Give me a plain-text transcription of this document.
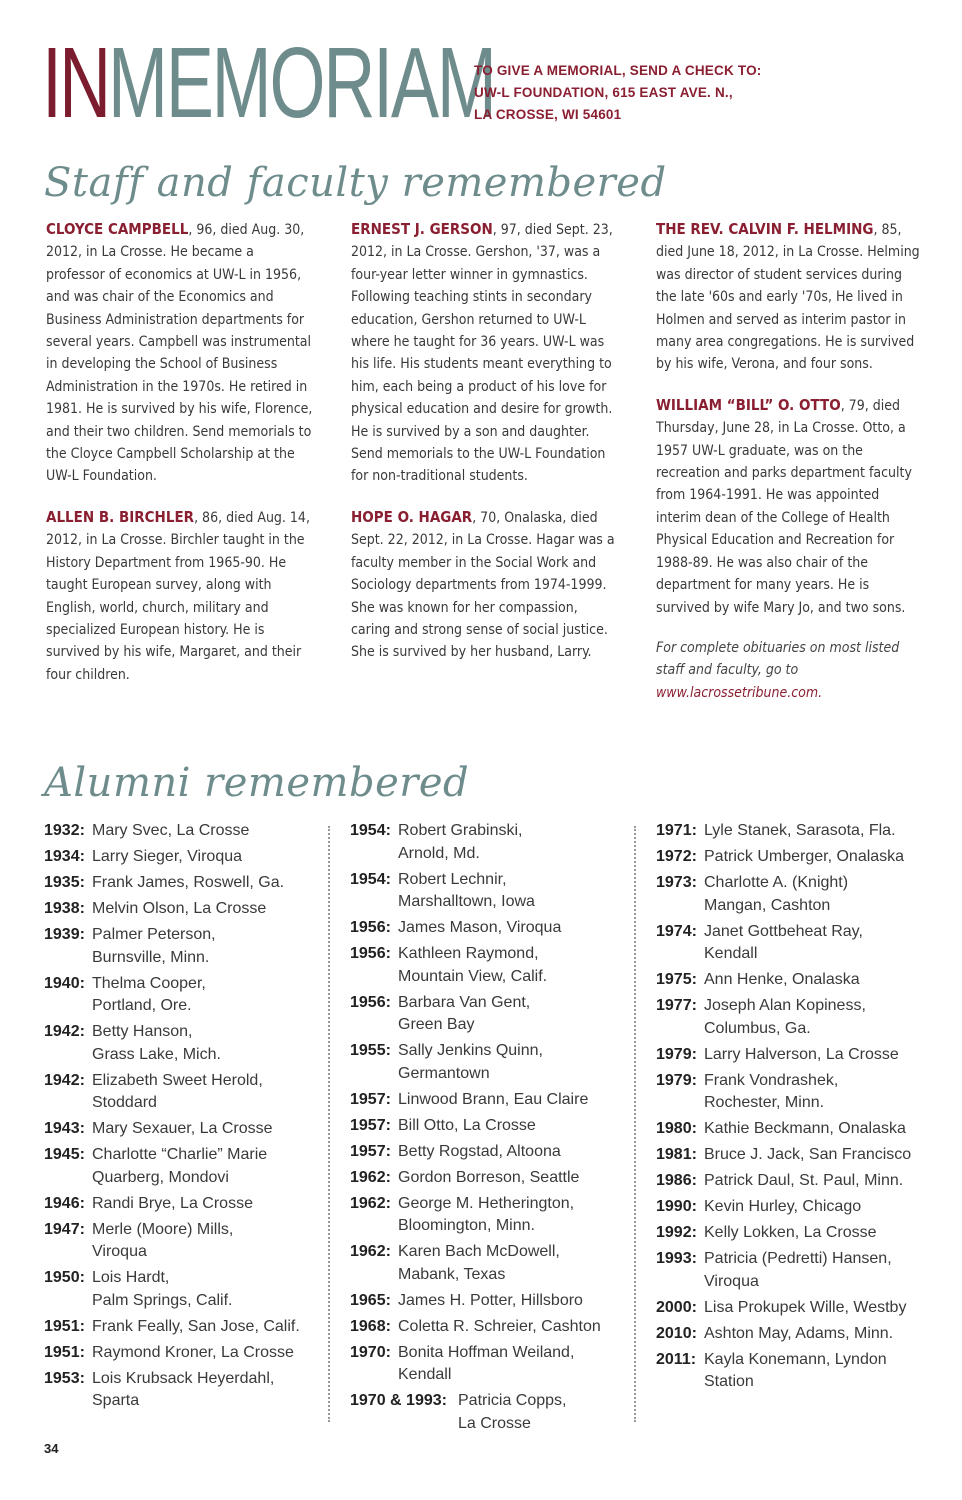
IN MEMORIAM
TO GIVE A MEMORIAL, SEND A CHECK TO:
UW-L FOUNDATION, 615 EAST AVE. N.,
LA CROSSE, WI 54601
Staff and faculty remembered

CLOYCE CAMPBELL, 96, died Aug. 30, 2012, in La Crosse. He became a professor of economics at UW-L in 1956, and was chair of the Economics and Business Administration departments for several years. Campbell was instrumental in developing the School of Business Administration in the 1970s. He retired in 1981. He is survived by his wife, Florence, and their two children. Send memorials to the Cloyce Campbell Scholarship at the UW-L Foundation.

ALLEN B. BIRCHLER, 86, died Aug. 14, 2012, in La Crosse. Birchler taught in the History Department from 1965-90. He taught European survey, along with English, world, church, military and specialized European history. He is survived by his wife, Margaret, and their four children.

ERNEST J. GERSON, 97, died Sept. 23, 2012, in La Crosse. Gershon, '37, was a four-year letter winner in gymnastics. Following teaching stints in secondary education, Gershon returned to UW-L where he taught for 36 years. UW-L was his life. His students meant everything to him, each being a product of his love for physical education and desire for growth. He is survived by a son and daughter. Send memorials to the UW-L Foundation for non-traditional students.

HOPE O. HAGAR, 70, Onalaska, died Sept. 22, 2012, in La Crosse. Hagar was a faculty member in the Social Work and Sociology departments from 1974-1999. She was known for her compassion, caring and strong sense of social justice. She is survived by her husband, Larry.

THE REV. CALVIN F. HELMING, 85, died June 18, 2012, in La Crosse. Helming was director of student services during the late '60s and early '70s, He lived in Holmen and served as interim pastor in many area congregations. He is survived by his wife, Verona, and four sons.

WILLIAM “BILL” O. OTTO, 79, died Thursday, June 28, in La Crosse. Otto, a 1957 UW-L graduate, was on the recreation and parks department faculty from 1964-1991. He was appointed interim dean of the College of Health Physical Education and Recreation for 1988-89. He was also chair of the department for many years. He is survived by wife Mary Jo, and two sons.

For complete obituaries on most listed staff and faculty, go to www.lacrossetribune.com.

Alumni remembered
1932: Mary Svec, La Crosse
1934: Larry Sieger, Viroqua
1935: Frank James, Roswell, Ga.
1938: Melvin Olson, La Crosse
1939: Palmer Peterson,
Burnsville, Minn.
1940: Thelma Cooper,
Portland, Ore.
1942: Betty Hanson,
Grass Lake, Mich.
1942: Elizabeth Sweet Herold,
Stoddard
1943: Mary Sexauer, La Crosse
1945: Charlotte “Charlie” Marie
Quarberg, Mondovi
1946: Randi Brye, La Crosse
1947: Merle (Moore) Mills,
Viroqua
1950: Lois Hardt,
Palm Springs, Calif.
1951: Frank Feally, San Jose, Calif.
1951: Raymond Kroner, La Crosse
1953: Lois Krubsack Heyerdahl,
Sparta
1954: Robert Grabinski,
Arnold, Md.
1954: Robert Lechnir,
Marshalltown, Iowa
1956: James Mason, Viroqua
1956: Kathleen Raymond,
Mountain View, Calif.
1956: Barbara Van Gent,
Green Bay
1955: Sally Jenkins Quinn,
Germantown
1957: Linwood Brann, Eau Claire
1957: Bill Otto, La Crosse
1957: Betty Rogstad, Altoona
1962: Gordon Borreson, Seattle
1962: George M. Hetherington,
Bloomington, Minn.
1962: Karen Bach McDowell,
Mabank, Texas
1965: James H. Potter, Hillsboro
1968: Coletta R. Schreier, Cashton
1970: Bonita Hoffman Weiland,
Kendall
1970 & 1993: Patricia Copps,
La Crosse
1971: Lyle Stanek, Sarasota, Fla.
1972: Patrick Umberger, Onalaska
1973: Charlotte A. (Knight)
Mangan, Cashton
1974: Janet Gottbeheat Ray,
Kendall
1975: Ann Henke, Onalaska
1977: Joseph Alan Kopiness,
Columbus, Ga.
1979: Larry Halverson, La Crosse
1979: Frank Vondrashek,
Rochester, Minn.
1980: Kathie Beckmann, Onalaska
1981: Bruce J. Jack, San Francisco
1986: Patrick Daul, St. Paul, Minn.
1990: Kevin Hurley, Chicago
1992: Kelly Lokken, La Crosse
1993: Patricia (Pedretti) Hansen,
Viroqua
2000: Lisa Prokupek Wille, Westby
2010: Ashton May, Adams, Minn.
2011: Kayla Konemann, Lyndon
Station
34
